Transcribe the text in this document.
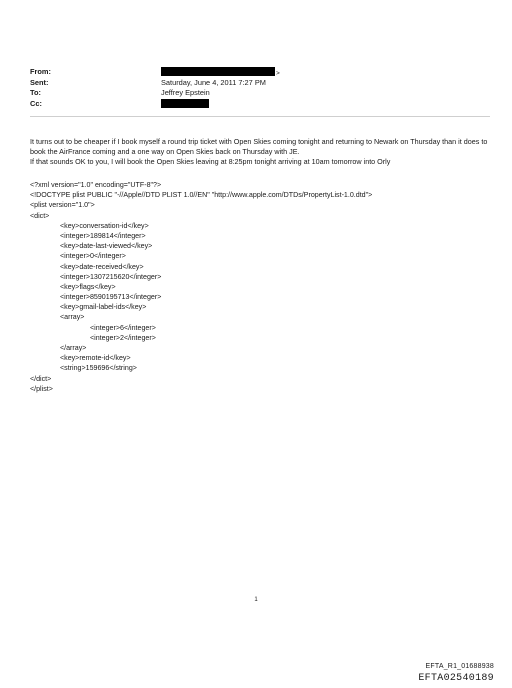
From:	>
Sent:	Saturday, June 4, 2011 7:27 PM
To:	Jeffrey Epstein
Cc:

It turns out to be cheaper if I book myself a round trip ticket with Open Skies coming tonight and returning to Newark on Thursday than it does to book the AirFrance coming and a one way on Open Skies back on Thursday with JE.

If that sounds OK to you, I will book the Open Skies leaving at 8:25pm tonight arriving at 10am tomorrow into Orly

<?xml version="1.0" encoding="UTF-8"?>
<!DOCTYPE plist PUBLIC "-//Apple//DTD PLIST 1.0//EN" "http://www.apple.com/DTDs/PropertyList-1.0.dtd">
<plist version="1.0">
<dict>
<key>conversation-id</key>
<integer>189814</integer>
<key>date-last-viewed</key>
<integer>0</integer>
<key>date-received</key>
<integer>1307215620</integer>
<key>flags</key>
<integer>8590195713</integer>
<key>gmail-label-ids</key>
<array>
<integer>6</integer>
<integer>2</integer>
</array>
<key>remote-id</key>
<string>159696</string>
</dict>
</plist>
1
EFTA_R1_01688938
EFTA02540189
